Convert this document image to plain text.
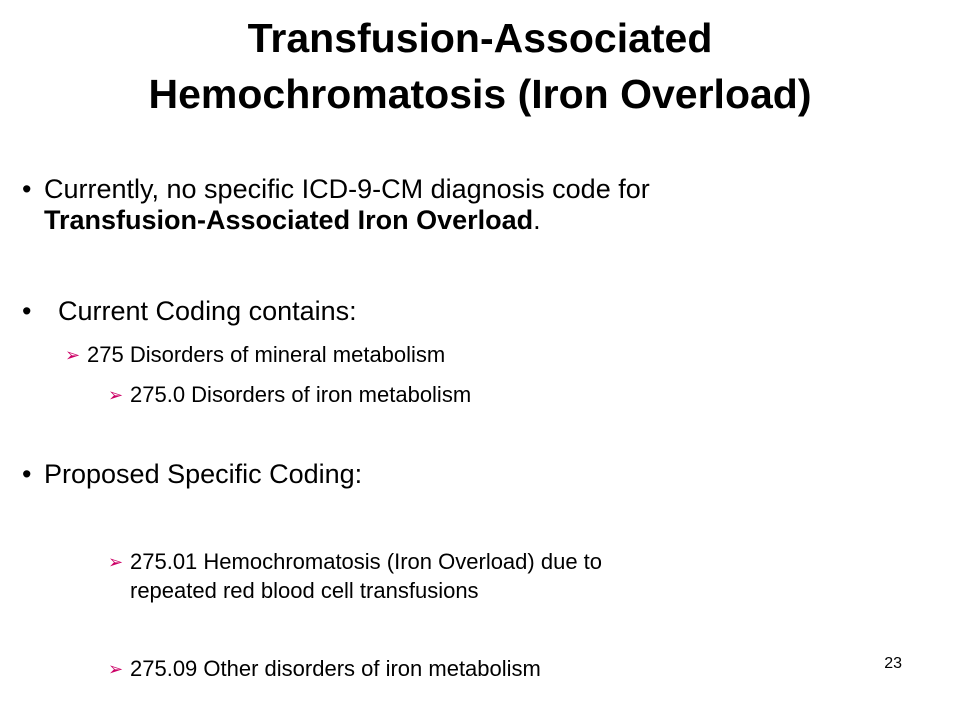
Transfusion-Associated
Hemochromatosis (Iron Overload)
• Currently, no specific ICD-9-CM diagnosis code for
Transfusion-Associated Iron Overload.
• Current Coding contains:
➢ 275 Disorders of mineral metabolism
➢ 275.0 Disorders of iron metabolism
• Proposed Specific Coding:
➢ 275.01 Hemochromatosis (Iron Overload) due to
repeated red blood cell transfusions
➢ 275.09 Other disorders of iron metabolism	23
